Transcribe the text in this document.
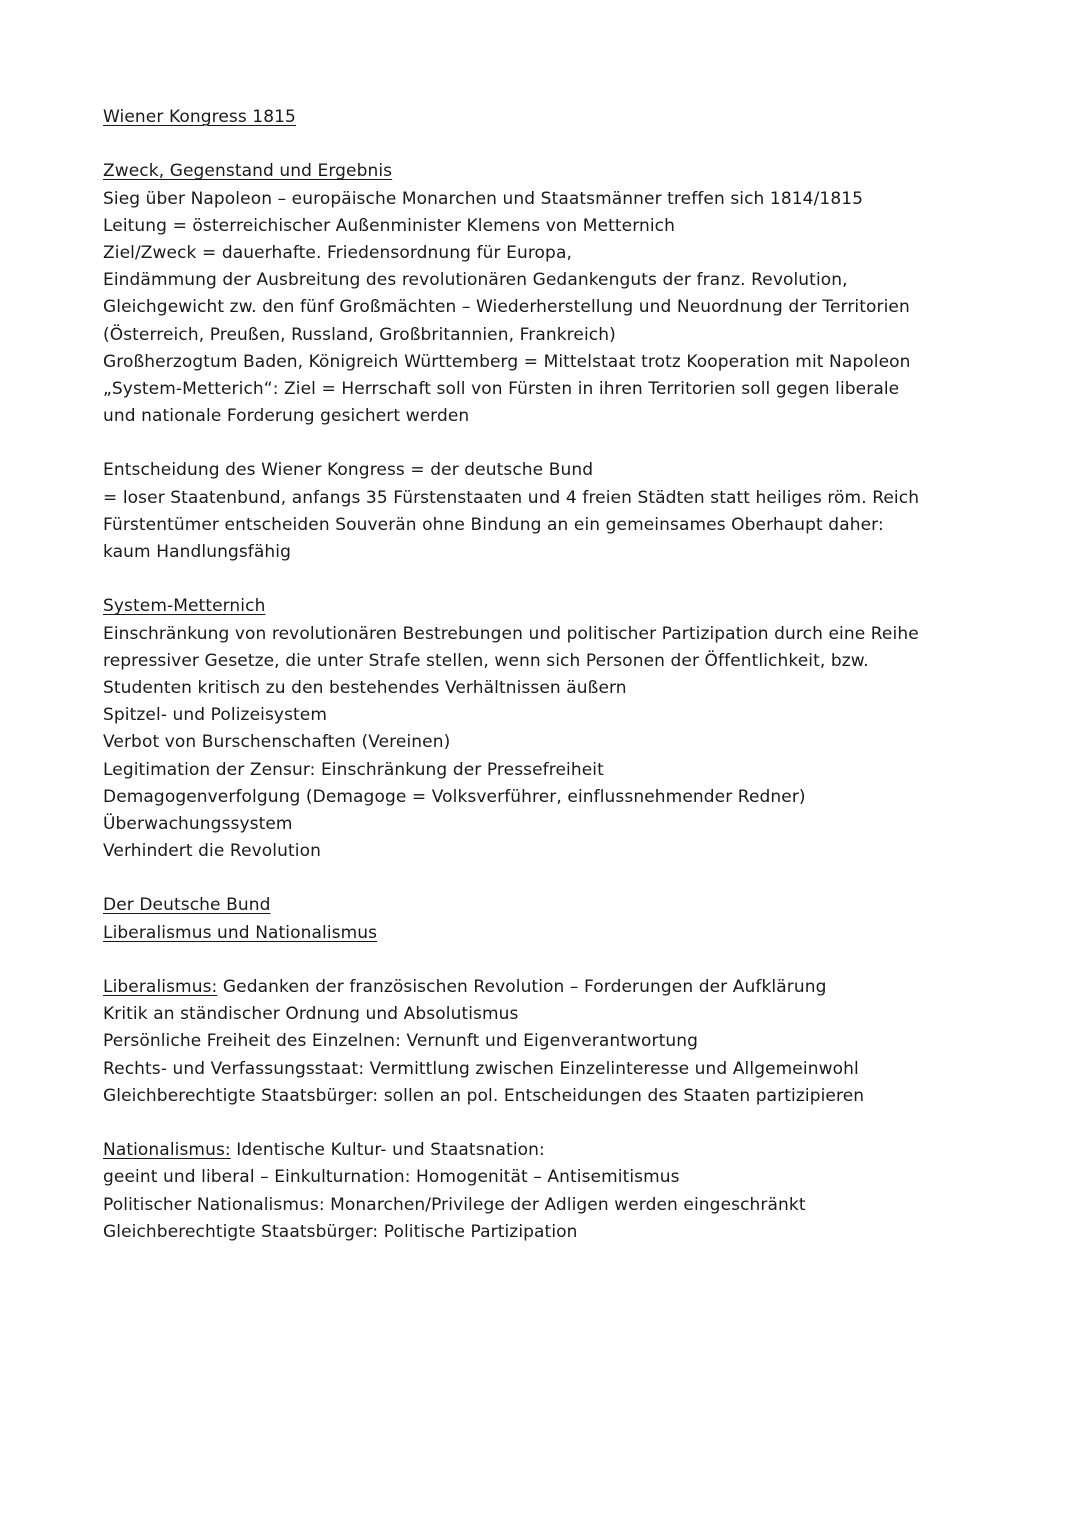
Wiener Kongress 1815
Zweck, Gegenstand und Ergebnis
Sieg über Napoleon – europäische Monarchen und Staatsmänner treffen sich 1814/1815
Leitung = österreichischer Außenminister Klemens von Metternich
Ziel/Zweck = dauerhafte. Friedensordnung für Europa,
Eindämmung der Ausbreitung des revolutionären Gedankenguts der franz. Revolution,
Gleichgewicht zw. den fünf Großmächten – Wiederherstellung und Neuordnung der Territorien
(Österreich, Preußen, Russland, Großbritannien, Frankreich)
Großherzogtum Baden, Königreich Württemberg = Mittelstaat trotz Kooperation mit Napoleon
„System-Metterich“: Ziel = Herrschaft soll von Fürsten in ihren Territorien soll gegen liberale
und nationale Forderung gesichert werden
Entscheidung des Wiener Kongress = der deutsche Bund
= loser Staatenbund, anfangs 35 Fürstenstaaten und 4 freien Städten statt heiliges röm. Reich
Fürstentümer entscheiden Souverän ohne Bindung an ein gemeinsames Oberhaupt daher:
kaum Handlungsfähig
System-Metternich
Einschränkung von revolutionären Bestrebungen und politischer Partizipation durch eine Reihe
repressiver Gesetze, die unter Strafe stellen, wenn sich Personen der Öffentlichkeit, bzw.
Studenten kritisch zu den bestehendes Verhältnissen äußern
Spitzel- und Polizeisystem
Verbot von Burschenschaften (Vereinen)
Legitimation der Zensur: Einschränkung der Pressefreiheit
Demagogenverfolgung (Demagoge = Volksverführer, einflussnehmender Redner)
Überwachungssystem
Verhindert die Revolution
Der Deutsche Bund
Liberalismus und Nationalismus
Liberalismus: Gedanken der französischen Revolution – Forderungen der Aufklärung
Kritik an ständischer Ordnung und Absolutismus
Persönliche Freiheit des Einzelnen: Vernunft und Eigenverantwortung
Rechts- und Verfassungsstaat: Vermittlung zwischen Einzelinteresse und Allgemeinwohl
Gleichberechtigte Staatsbürger: sollen an pol. Entscheidungen des Staaten partizipieren
Nationalismus: Identische Kultur- und Staatsnation:
geeint und liberal – Einkulturnation: Homogenität – Antisemitismus
Politischer Nationalismus: Monarchen/Privilege der Adligen werden eingeschränkt
Gleichberechtigte Staatsbürger: Politische Partizipation
